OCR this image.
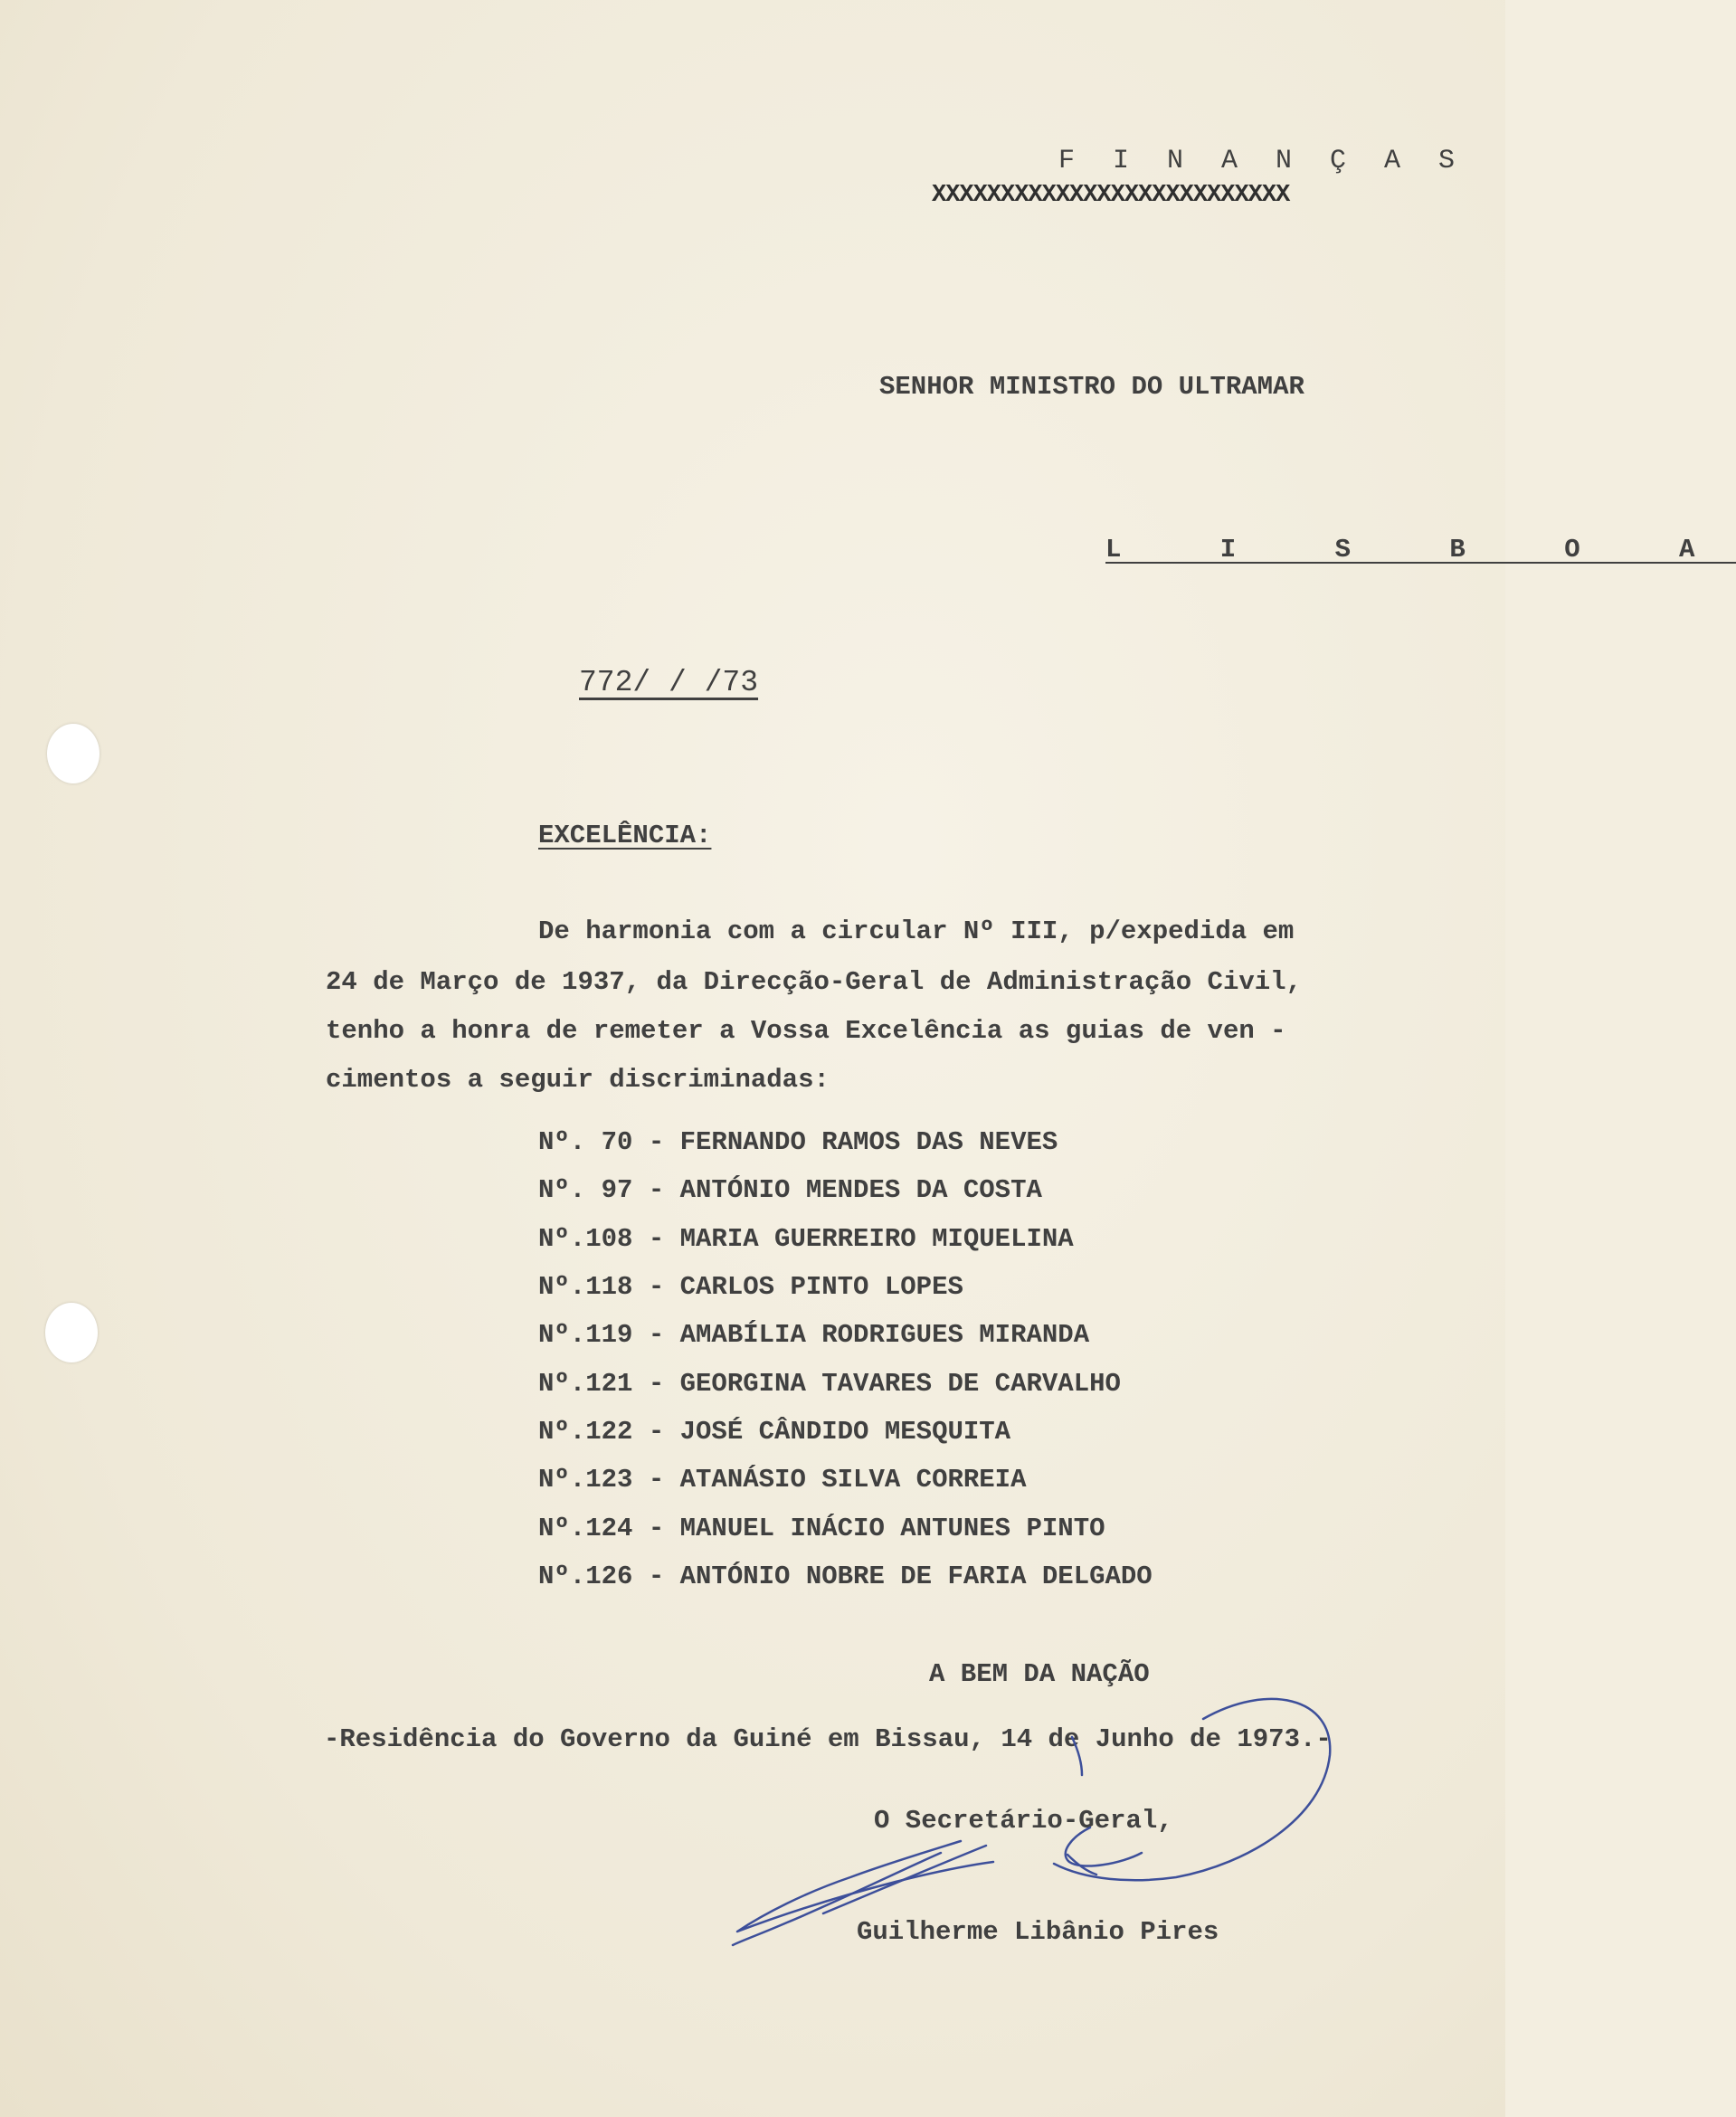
F I N A N Ç A S
XXXXXXXXXXXXXXXXXXXXXXXXXX
SENHOR MINISTRO DO ULTRAMAR
L I S B O A
772/ / /73
EXCELÊNCIA:
De harmonia com a circular Nº III, p/expedida em
24 de Março de 1937, da Direcção-Geral de Administração Civil,
tenho a honra de remeter a Vossa Excelência as guias de ven -
cimentos a seguir discriminadas:
Nº. 70 - FERNANDO RAMOS DAS NEVES
Nº. 97 - ANTÓNIO MENDES DA COSTA
Nº.108 - MARIA GUERREIRO MIQUELINA
Nº.118 - CARLOS PINTO LOPES
Nº.119 - AMABÍLIA RODRIGUES MIRANDA
Nº.121 - GEORGINA TAVARES DE CARVALHO
Nº.122 - JOSÉ CÂNDIDO MESQUITA
Nº.123 - ATANÁSIO SILVA CORREIA
Nº.124 - MANUEL INÁCIO ANTUNES PINTO
Nº.126 - ANTÓNIO NOBRE DE FARIA DELGADO
A BEM DA NAÇÃO
-Residência do Governo da Guiné em Bissau, 14 de Junho de 1973.-
O Secretário-Geral,
Guilherme Libânio Pires
